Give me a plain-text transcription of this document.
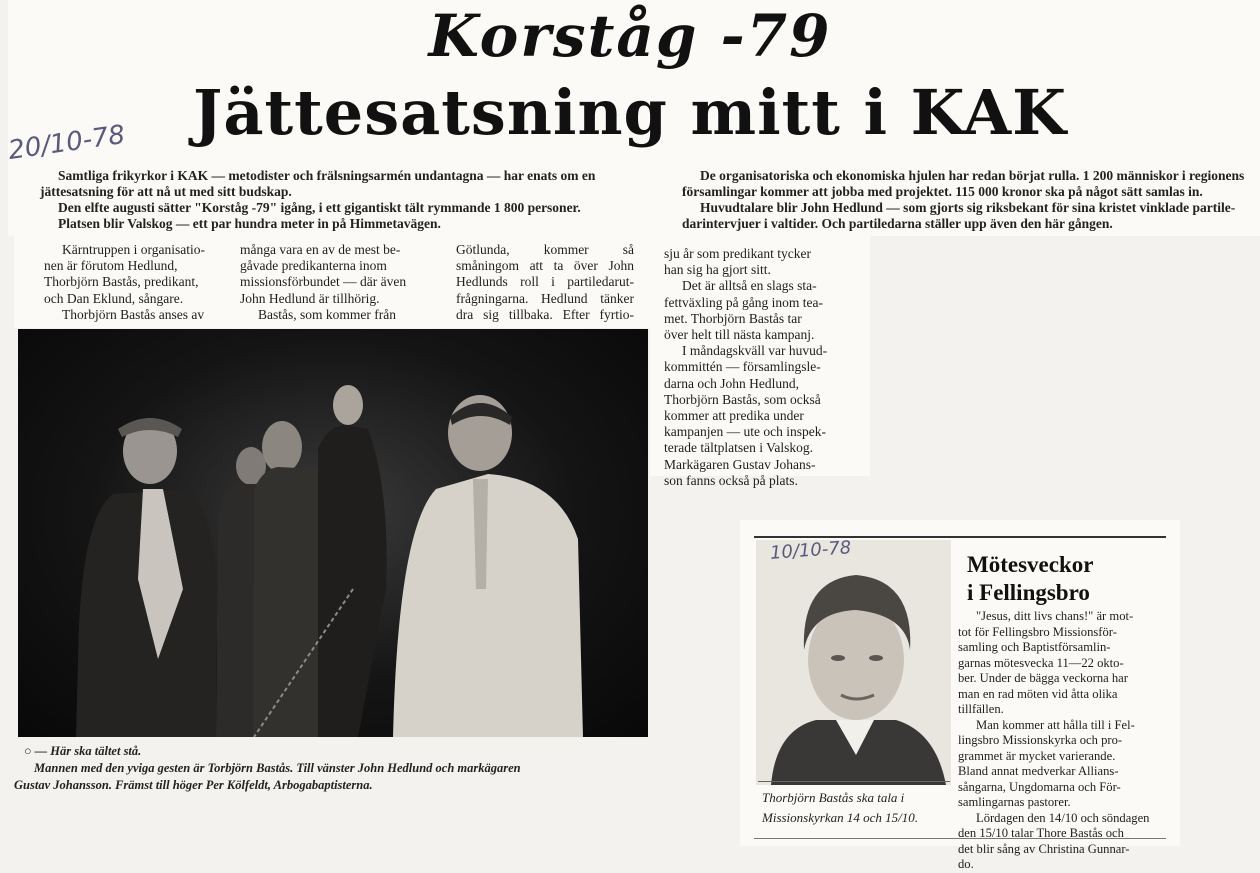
Korståg -79
Jättesatsning mitt i KAK
20/10-78

Samtliga frikyrkor i KAK — metodister och frälsningsarmén undantagna — har enats om en

jättesatsning för att nå ut med sitt budskap.

Den elfte augusti sätter "Korståg -79" igång, i ett gigantiskt tält rymmande 1 800 personer.

Platsen blir Valskog — ett par hundra meter in på Himmetavägen.

De organisatoriska och ekonomiska hjulen har redan börjat rulla. 1 200 människor i regionens

församlingar kommer att jobba med projektet. 115 000 kronor ska på något sätt samlas in.

Huvudtalare blir John Hedlund — som gjorts sig riksbekant för sina kristet vinklade partile-

darintervjuer i valtider. Och partiledarna ställer upp även den här gången.

Kärntruppen i organisatio-

nen är förutom Hedlund,

Thorbjörn Bastås, predikant,

och Dan Eklund, sångare.

Thorbjörn Bastås anses av

många vara en av de mest be-

gåvade predikanterna inom

missionsförbundet — där även

John Hedlund är tillhörig.

Bastås, som kommer från

Götlunda, kommer så

småningom att ta över John

Hedlunds roll i partiledarut-

frågningarna. Hedlund tänker

dra sig tillbaka. Efter fyrtio-

sju år som predikant tycker

han sig ha gjort sitt.

Det är alltså en slags sta-

fettväxling på gång inom tea-

met. Thorbjörn Bastås tar

över helt till nästa kampanj.

I måndagskväll var huvud-

kommittén — församlingsle-

darna och John Hedlund,

Thorbjörn Bastås, som också

kommer att predika under

kampanjen — ute och inspek-

terade tältplatsen i Valskog.

Markägaren Gustav Johans-

son fanns också på plats.

○ — Här ska tältet stå.

Mannen med den yviga gesten är Torbjörn Bastås. Till vänster John Hedlund och markägaren

Gustav Johansson. Främst till höger Per Kölfeldt, Arbogabaptisterna.

10/10-78

Mötesveckor

i Fellingsbro

"Jesus, ditt livs chans!" är mot-

tot för Fellingsbro Missionsför-

samling och Baptistförsamlin-

garnas mötesvecka 11—22 okto-

ber. Under de bägga veckorna har

man en rad möten vid åtta olika

tillfällen.

Man kommer att hålla till i Fel-

lingsbro Missionskyrka och pro-

grammet är mycket varierande.

Bland annat medverkar Allians-

sångarna, Ungdomarna och För-

samlingarnas pastorer.

Lördagen den 14/10 och söndagen

den 15/10 talar Thore Bastås och

det blir sång av Christina Gunnar-

do.

Thorbjörn Bastås ska tala i

Missionskyrkan 14 och 15/10.
